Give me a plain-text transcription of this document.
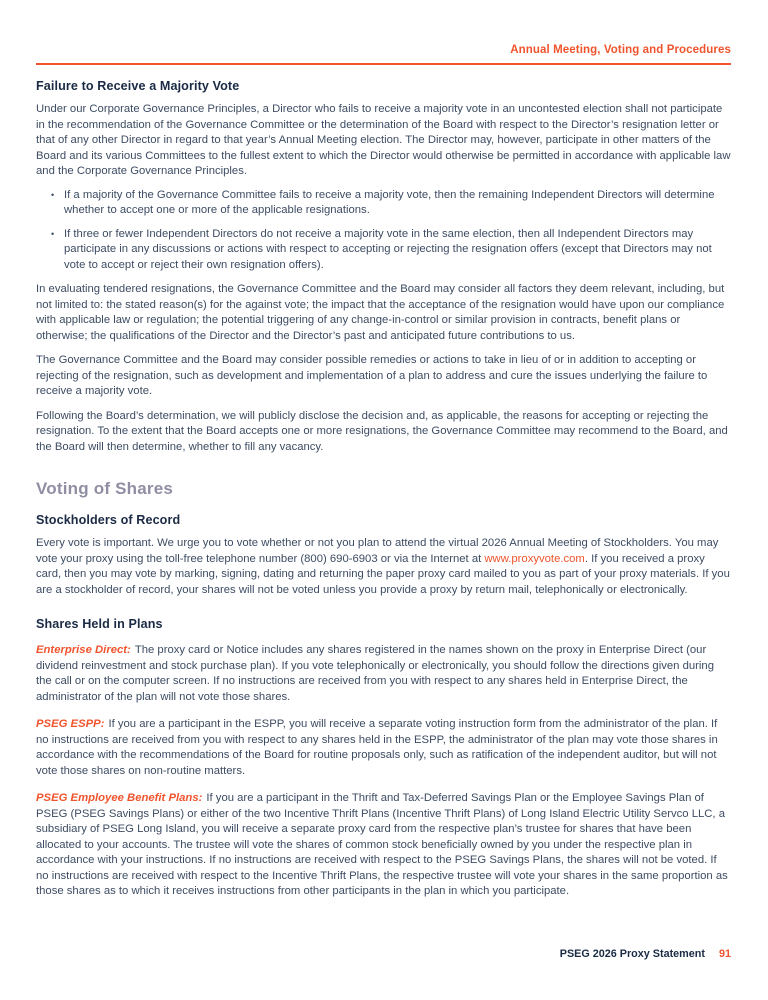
Annual Meeting, Voting and Procedures
Failure to Receive a Majority Vote

Under our Corporate Governance Principles, a Director who fails to receive a majority vote in an uncontested election shall not participate in the recommendation of the Governance Committee or the determination of the Board with respect to the Director’s resignation letter or that of any other Director in regard to that year’s Annual Meeting election. The Director may, however, participate in other matters of the Board and its various Committees to the fullest extent to which the Director would otherwise be permitted in accordance with applicable law and the Corporate Governance Principles.

• If a majority of the Governance Committee fails to receive a majority vote, then the remaining Independent Directors will determine whether to accept one or more of the applicable resignations.
• If three or fewer Independent Directors do not receive a majority vote in the same election, then all Independent Directors may participate in any discussions or actions with respect to accepting or rejecting the resignation offers (except that Directors may not vote to accept or reject their own resignation offers).

In evaluating tendered resignations, the Governance Committee and the Board may consider all factors they deem relevant, including, but not limited to: the stated reason(s) for the against vote; the impact that the acceptance of the resignation would have upon our compliance with applicable law or regulation; the potential triggering of any change-in-control or similar provision in contracts, benefit plans or otherwise; the qualifications of the Director and the Director’s past and anticipated future contributions to us.

The Governance Committee and the Board may consider possible remedies or actions to take in lieu of or in addition to accepting or rejecting of the resignation, such as development and implementation of a plan to address and cure the issues underlying the failure to receive a majority vote.

Following the Board’s determination, we will publicly disclose the decision and, as applicable, the reasons for accepting or rejecting the resignation. To the extent that the Board accepts one or more resignations, the Governance Committee may recommend to the Board, and the Board will then determine, whether to fill any vacancy.

Voting of Shares
Stockholders of Record

Every vote is important. We urge you to vote whether or not you plan to attend the virtual 2026 Annual Meeting of Stockholders. You may vote your proxy using the toll-free telephone number (800) 690-6903 or via the Internet at www.proxyvote.com. If you received a proxy card, then you may vote by marking, signing, dating and returning the paper proxy card mailed to you as part of your proxy materials. If you are a stockholder of record, your shares will not be voted unless you provide a proxy by return mail, telephonically or electronically.

Shares Held in Plans

Enterprise Direct: The proxy card or Notice includes any shares registered in the names shown on the proxy in Enterprise Direct (our dividend reinvestment and stock purchase plan). If you vote telephonically or electronically, you should follow the directions given during the call or on the computer screen. If no instructions are received from you with respect to any shares held in Enterprise Direct, the administrator of the plan will not vote those shares.

PSEG ESPP: If you are a participant in the ESPP, you will receive a separate voting instruction form from the administrator of the plan. If no instructions are received from you with respect to any shares held in the ESPP, the administrator of the plan may vote those shares in accordance with the recommendations of the Board for routine proposals only, such as ratification of the independent auditor, but will not vote those shares on non-routine matters.

PSEG Employee Benefit Plans: If you are a participant in the Thrift and Tax-Deferred Savings Plan or the Employee Savings Plan of PSEG (PSEG Savings Plans) or either of the two Incentive Thrift Plans (Incentive Thrift Plans) of Long Island Electric Utility Servco LLC, a subsidiary of PSEG Long Island, you will receive a separate proxy card from the respective plan’s trustee for shares that have been allocated to your accounts. The trustee will vote the shares of common stock beneficially owned by you under the respective plan in accordance with your instructions. If no instructions are received with respect to the PSEG Savings Plans, the shares will not be voted. If no instructions are received with respect to the Incentive Thrift Plans, the respective trustee will vote your shares in the same proportion as those shares as to which it receives instructions from other participants in the plan in which you participate.

PSEG 2026 Proxy Statement 91
